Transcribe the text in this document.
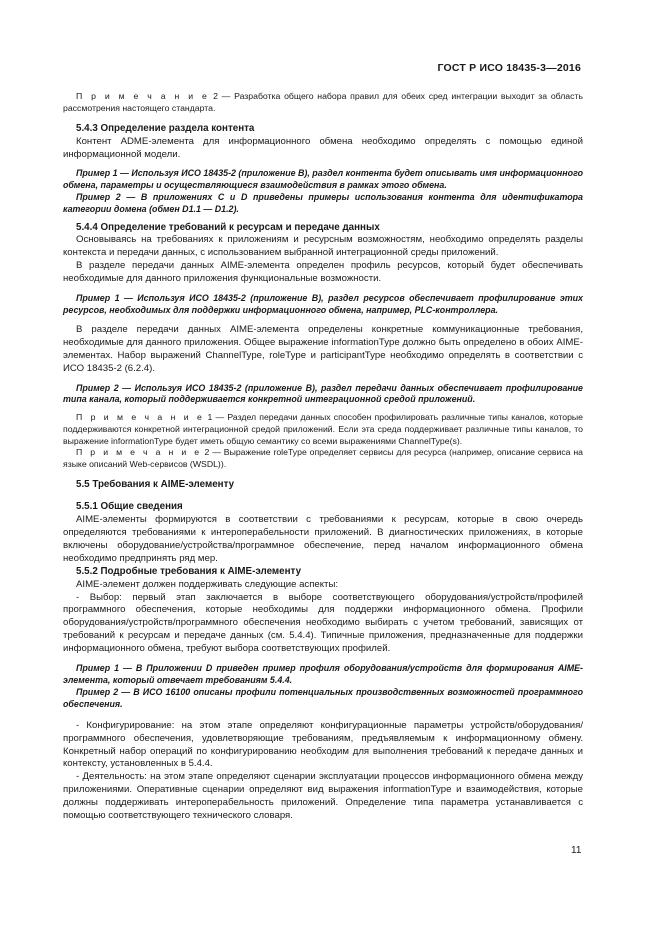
ГОСТ Р ИСО 18435-3—2016

П р и м е ч а н и е 2 — Разработка общего набора правил для обеих сред интеграции выходит за область рассмотрения настоящего стандарта.

5.4.3 Определение раздела контента

Контент ADME-элемента для информационного обмена необходимо определять с помощью единой информационной модели.

Пример 1 — Используя ИСО 18435-2 (приложение В), раздел контента будет описывать имя информационного обмена, параметры и осуществляющиеся взаимодействия в рамках этого обмена.

Пример 2 — В приложениях С и D приведены примеры использования контента для идентификатора категории домена (обмен D1.1 — D1.2).

5.4.4 Определение требований к ресурсам и передаче данных

Основываясь на требованиях к приложениям и ресурсным возможностям, необходимо определять разделы контекста и передачи данных, с использованием выбранной интеграционной среды приложений.

В разделе передачи данных AIME-элемента определен профиль ресурсов, который будет обеспечивать необходимые для данного приложения функциональные возможности.

Пример 1 — Используя ИСО 18435-2 (приложение В), раздел ресурсов обеспечивает профилирование этих ресурсов, необходимых для поддержки информационного обмена, например, PLC-контроллера.

В разделе передачи данных AIME-элемента определены конкретные коммуникационные требования, необходимые для данного приложения. Общее выражение informationType должно быть определено в обоих AIME-элементах. Набор выражений ChannelType, roleType и participantType необходимо определять в соответствии с ИСО 18435-2 (6.2.4).

Пример 2 — Используя ИСО 18435-2 (приложение В), раздел передачи данных обеспечивает профилирование типа канала, который поддерживается конкретной интеграционной средой приложений.

П р и м е ч а н и е 1 — Раздел передачи данных способен профилировать различные типы каналов, которые поддерживаются конкретной интеграционной средой приложений. Если эта среда поддерживает различные типы каналов, то выражение informationType будет иметь общую семантику со всеми выражениями ChannelType(s).

П р и м е ч а н и е 2 — Выражение roleType определяет сервисы для ресурса (например, описание сервиса на языке описаний Web-сервисов (WSDL)).

5.5 Требования к AIME-элементу

5.5.1 Общие сведения

AIME-элементы формируются в соответствии с требованиями к ресурсам, которые в свою очередь определяются требованиями к интероперабельности приложений. В диагностических приложениях, в которые включены оборудование/устройства/программное обеспечение, перед началом информационного обмена необходимо предпринять ряд мер.

5.5.2 Подробные требования к AIME-элементу

AIME-элемент должен поддерживать следующие аспекты:

- Выбор: первый этап заключается в выборе соответствующего оборудования/устройств/профилей программного обеспечения, которые необходимы для поддержки информационного обмена. Профили оборудования/устройств/программного обеспечения необходимо выбирать с учетом требований, зависящих от требований к ресурсам и передаче данных (см. 5.4.4). Типичные приложения, предназначенные для поддержки информационного обмена, требуют выбора соответствующих профилей.

Пример 1 — В Приложении D приведен пример профиля оборудования/устройств для формирования AIME-элемента, который отвечает требованиям 5.4.4.

Пример 2 — В ИСО 16100 описаны профили потенциальных производственных возможностей программного обеспечения.

- Конфигурирование: на этом этапе определяют конфигурационные параметры устройств/оборудования/программного обеспечения, удовлетворяющие требованиям, предъявляемым к информационному обмену. Конкретный набор операций по конфигурированию необходим для выполнения требований к передаче данных и контексту, установленных в 5.4.4.

- Деятельность: на этом этапе определяют сценарии эксплуатации процессов информационного обмена между приложениями. Оперативные сценарии определяют вид выражения informationType и взаимодействия, которые должны поддерживать интероперабельность приложений. Определение типа параметра устанавливается с помощью соответствующего технического словаря.

11
